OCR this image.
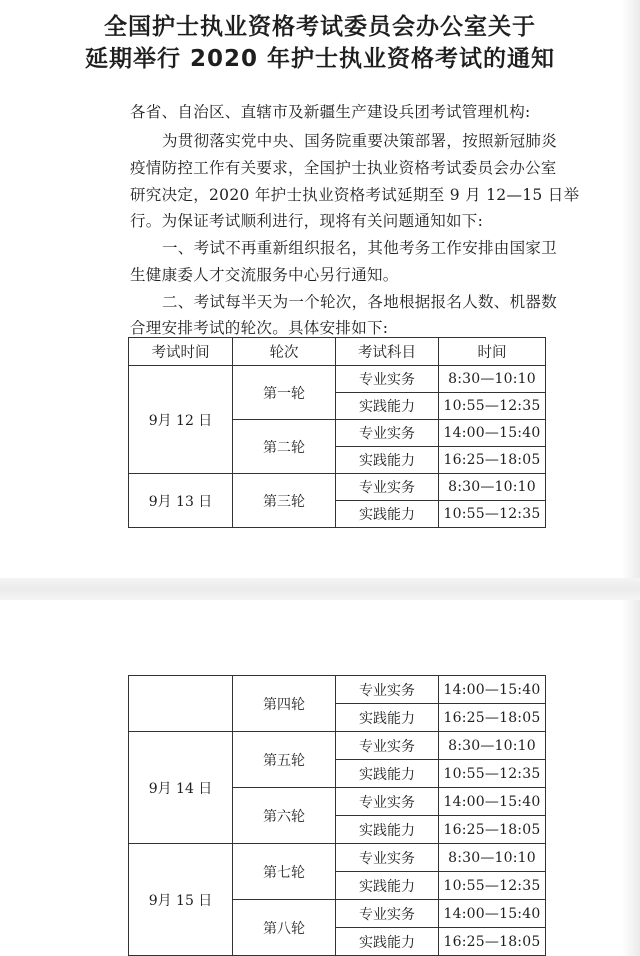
全国护士执业资格考试委员会办公室关于
延期举行 2020 年护士执业资格考试的通知

各省、自治区、直辖市及新疆生产建设兵团考试管理机构:

为贯彻落实党中央、国务院重要决策部署，按照新冠肺炎

疫情防控工作有关要求，全国护士执业资格考试委员会办公室

研究决定，2020 年护士执业资格考试延期至 9 月 12—15 日举

行。为保证考试顺利进行，现将有关问题通知如下:

一、考试不再重新组织报名，其他考务工作安排由国家卫

生健康委人才交流服务中心另行通知。

二、考试每半天为一个轮次，各地根据报名人数、机器数

合理安排考试的轮次。具体安排如下:

考试时间	轮次	考试科目	时间
9月 12 日	第一轮	专业实务	8:30—10:10
		实践能力	10:55—12:35
	第二轮	专业实务	14:00—15:40
		实践能力	16:25—18:05
9月 13 日	第三轮	专业实务	8:30—10:10
		实践能力	10:55—12:35
	第四轮	专业实务	14:00—15:40
		实践能力	16:25—18:05
9月 14 日	第五轮	专业实务	8:30—10:10
		实践能力	10:55—12:35
	第六轮	专业实务	14:00—15:40
		实践能力	16:25—18:05
9月 15 日	第七轮	专业实务	8:30—10:10
		实践能力	10:55—12:35
	第八轮	专业实务	14:00—15:40
		实践能力	16:25—18:05
